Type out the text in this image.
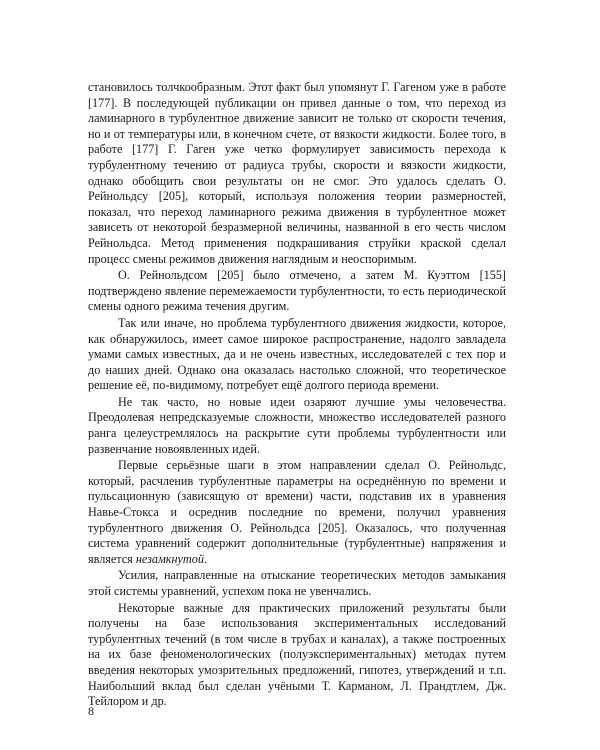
становилось толчкообразным. Этот факт был упомянут Г. Гагеном уже в работе [177]. В последующей публикации он привел данные о том, что переход из ламинарного в турбулентное движение зависит не только от скорости течения, но и от температуры или, в конечном счете, от вязкости жидкости. Более того, в работе [177] Г. Гаген уже четко формулирует зависимость перехода к турбулентному течению от радиуса трубы, скорости и вязкости жидкости, однако обобщить свои результаты он не смог. Это удалось сделать О. Рейнольдсу [205], который, используя положения теории размерностей, показал, что переход ламинарного режима движения в турбулентное может зависеть от некоторой безразмерной величины, названной в его честь числом Рейнольдса. Метод применения подкрашивания струйки краской сделал процесс смены режимов движения наглядным и неоспоримым.

О. Рейнольдсом [205] было отмечено, а затем М. Куэттом [155] подтверждено явление перемежаемости турбулентности, то есть периодической смены одного режима течения другим.

Так или иначе, но проблема турбулентного движения жидкости, которое, как обнаружилось, имеет самое широкое распространение, надолго завладела умами самых известных, да и не очень известных, исследователей с тех пор и до наших дней. Однако она оказалась настолько сложной, что теоретическое решение её, по-видимому, потребует ещё долгого периода времени.

Не так часто, но новые идеи озаряют лучшие умы человечества. Преодолевая непредсказуемые сложности, множество исследователей разного ранга целеустремлялось на раскрытие сути проблемы турбулентности или развенчание новоявленных идей.

Первые серьёзные шаги в этом направлении сделал О. Рейнольдс, который, расчленив турбулентные параметры на осреднённую по времени и пульсационную (зависящую от времени) части, подставив их в уравнения Навье-Стокса и осреднив последние по времени, получил уравнения турбулентного движения О. Рейнольдса [205]. Оказалось, что полученная система уравнений содержит дополнительные (турбулентные) напряжения и является незамкнутой.

Усилия, направленные на отыскание теоретических методов замыкания этой системы уравнений, успехом пока не увенчались.

Некоторые важные для практических приложений результаты были получены на базе использования экспериментальных исследований турбулентных течений (в том числе в трубах и каналах), а также построенных на их базе феноменологических (полуэкспериментальных) методах путем введения некоторых умозрительных предложений, гипотез, утверждений и т.п. Наибольший вклад был сделан учёными Т. Карманом, Л. Прандтлем, Дж. Тейлором и др.

8
